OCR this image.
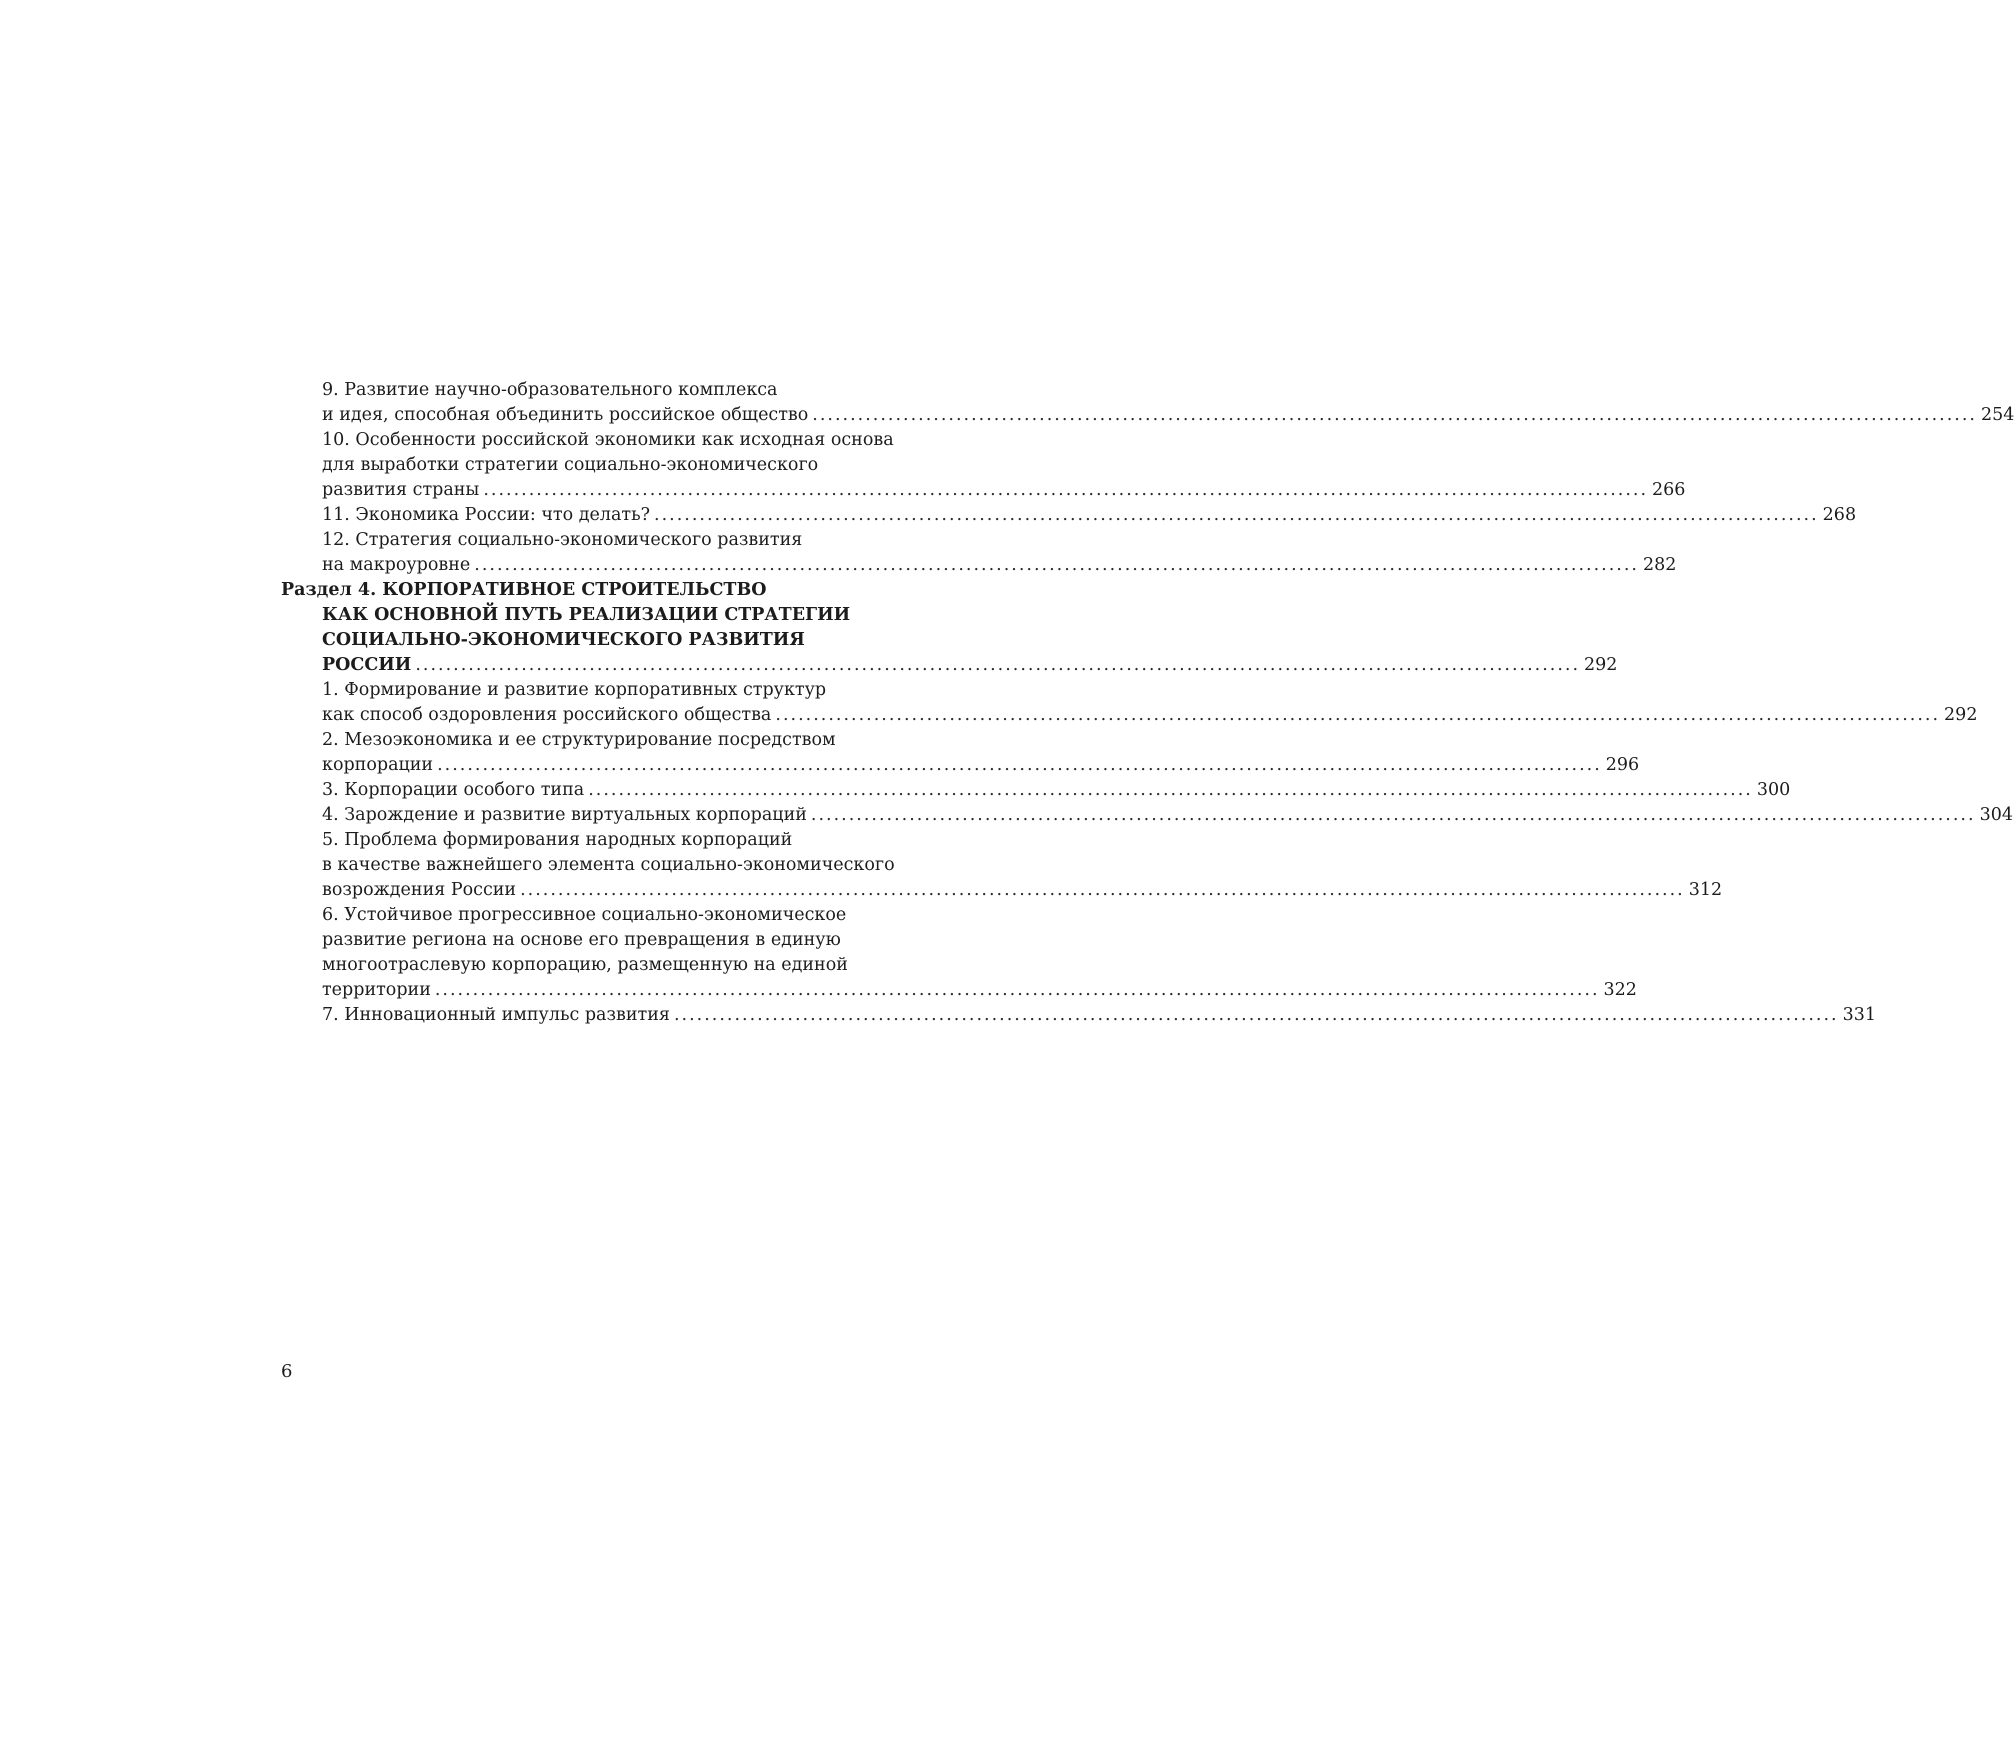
9. Развитие научно-образовательного комплекса
и идея, способная объединить российское общество .......................................................................................................................................................... 254
10. Особенности российской экономики как исходная основа
для выработки стратегии социально-экономического
развития страны .......................................................................................................................................................... 266
11. Экономика России: что делать? .......................................................................................................................................................... 268
12. Стратегия социально-экономического развития
на макроуровне .......................................................................................................................................................... 282
Раздел 4. КОРПОРАТИВНОЕ СТРОИТЕЛЬСТВО
КАК ОСНОВНОЙ ПУТЬ РЕАЛИЗАЦИИ СТРАТЕГИИ
СОЦИАЛЬНО-ЭКОНОМИЧЕСКОГО РАЗВИТИЯ
РОССИИ .......................................................................................................................................................... 292
1. Формирование и развитие корпоративных структур
как способ оздоровления российского общества .......................................................................................................................................................... 292
2. Мезоэкономика и ее структурирование посредством
корпорации .......................................................................................................................................................... 296
3. Корпорации особого типа .......................................................................................................................................................... 300
4. Зарождение и развитие виртуальных корпораций .......................................................................................................................................................... 304
5. Проблема формирования народных корпораций
в качестве важнейшего элемента социально-экономического
возрождения России .......................................................................................................................................................... 312
6. Устойчивое прогрессивное социально-экономическое
развитие региона на основе его превращения в единую
многоотраслевую корпорацию, размещенную на единой
территории .......................................................................................................................................................... 322
7. Инновационный импульс развития .......................................................................................................................................................... 331
6
